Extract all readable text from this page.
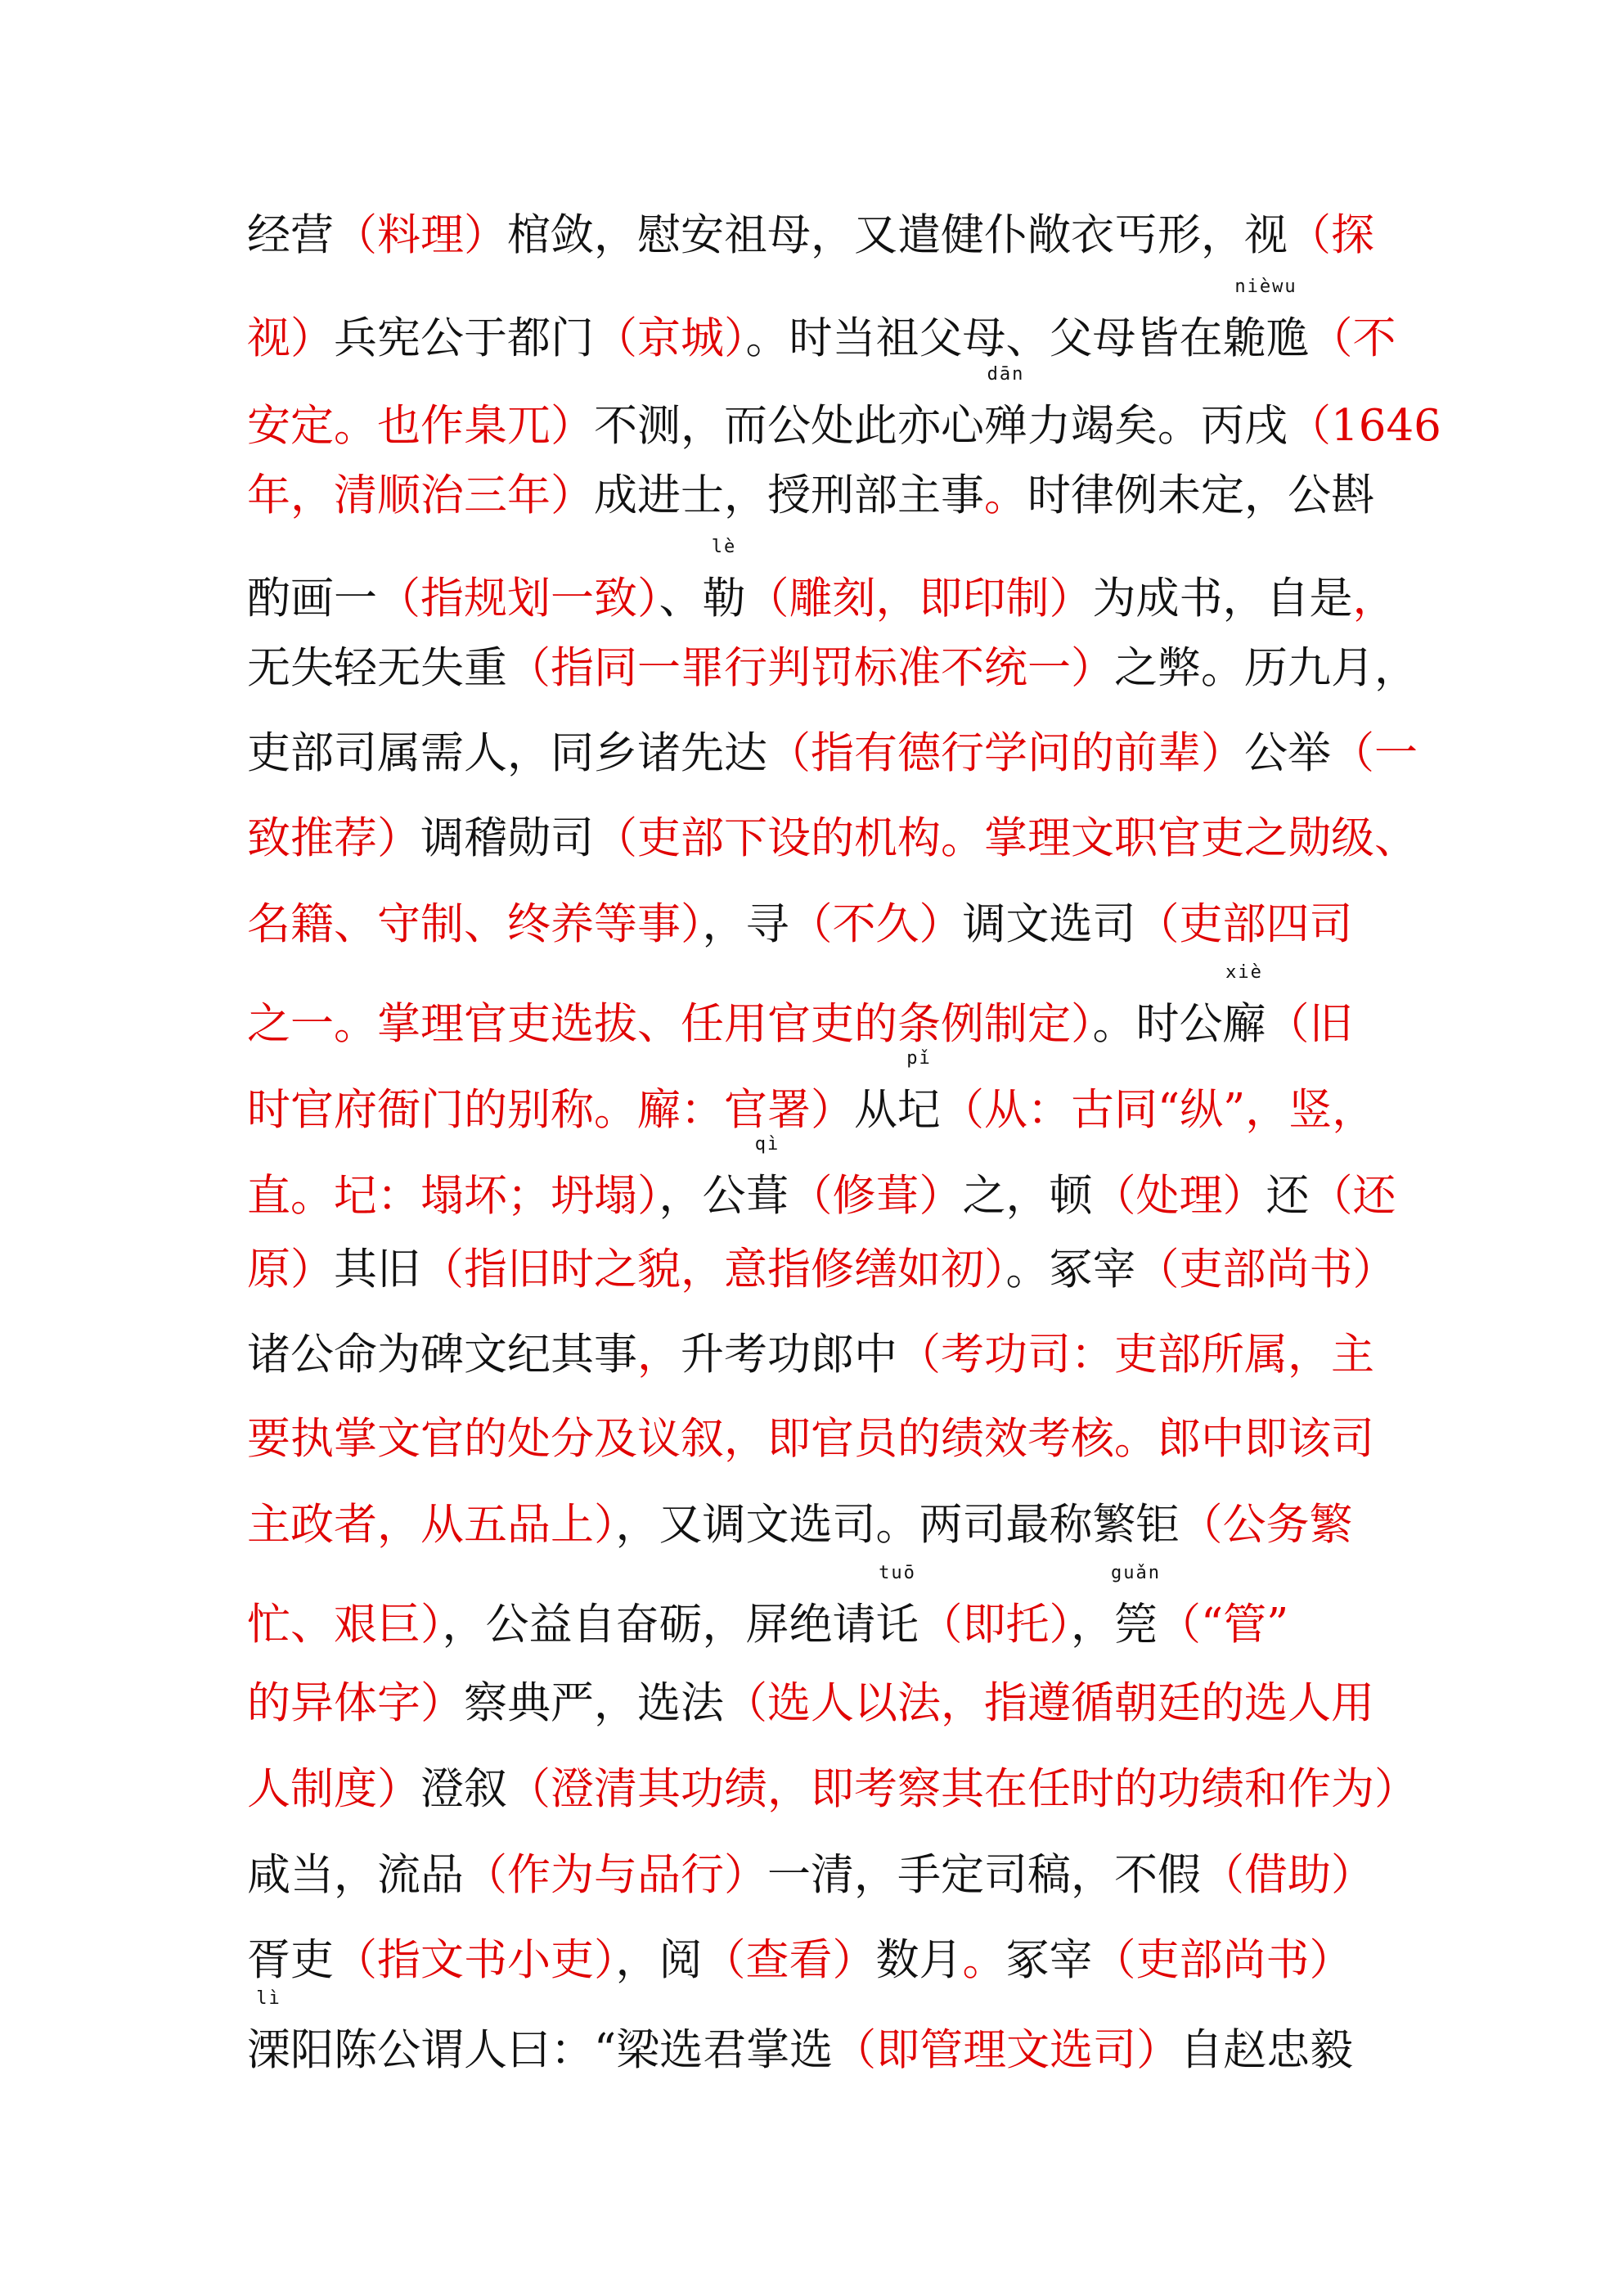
经营（料理）棺敛，慰安祖母，又遣健仆敞衣丐形，视（探
视）兵宪公于都门（京城）。时当祖父母、父母皆在
nièwu
臲卼（不
安定。也作臬兀）不测，而公处此亦心
dān
殚力竭矣。丙戌（1646
年，清顺治三年）成进士，授刑部主事。时律例未定，公斟
酌画一（指规划一致）、
lè
勒（雕刻，即印制）为成书，自是，
无失轻无失重（指同一罪行判罚标准不统一）之弊。历九月，
吏部司属需人，同乡诸先达（指有德行学问的前辈）公举（一
致推荐）调稽勋司（吏部下设的机构。掌理文职官吏之勋级、
名籍、守制、终养等事），寻（不久）调文选司（吏部四司
之一。掌理官吏选拔、任用官吏的条例制定）。时公
xiè
廨（旧
时官府衙门的别称。廨：官署）从
pǐ
圮（从：古同“纵”，竖，
直。圮：塌坏；坍塌），公
qì
葺（修葺）之，顿（处理）还（还
原）其旧（指旧时之貌，意指修缮如初）。冢宰（吏部尚书）
诸公命为碑文纪其事，升考功郎中（考功司：吏部所属，主
要执掌文官的处分及议叙，即官员的绩效考核。郎中即该司
主政者，从五品上），又调文选司。两司最称繁
钜（公务繁
忙、艰巨），公益自奋砺，屏绝请
tuō
讬（即托），
guǎn
筦（“管”
的异体字）察典严，选法（选人以法，指遵循朝廷的选人用
人制度）澄叙（澄清其功绩，即考察其在任时的功绩和作为）
咸当，流品（作为与品行）一清，手定司稿，不假（借助）
胥吏（指文书小吏），阅（查看）数月。冢宰（吏部尚书）
lì
溧阳陈公谓人曰：“梁选君掌选（即管理文选司）自赵忠毅
